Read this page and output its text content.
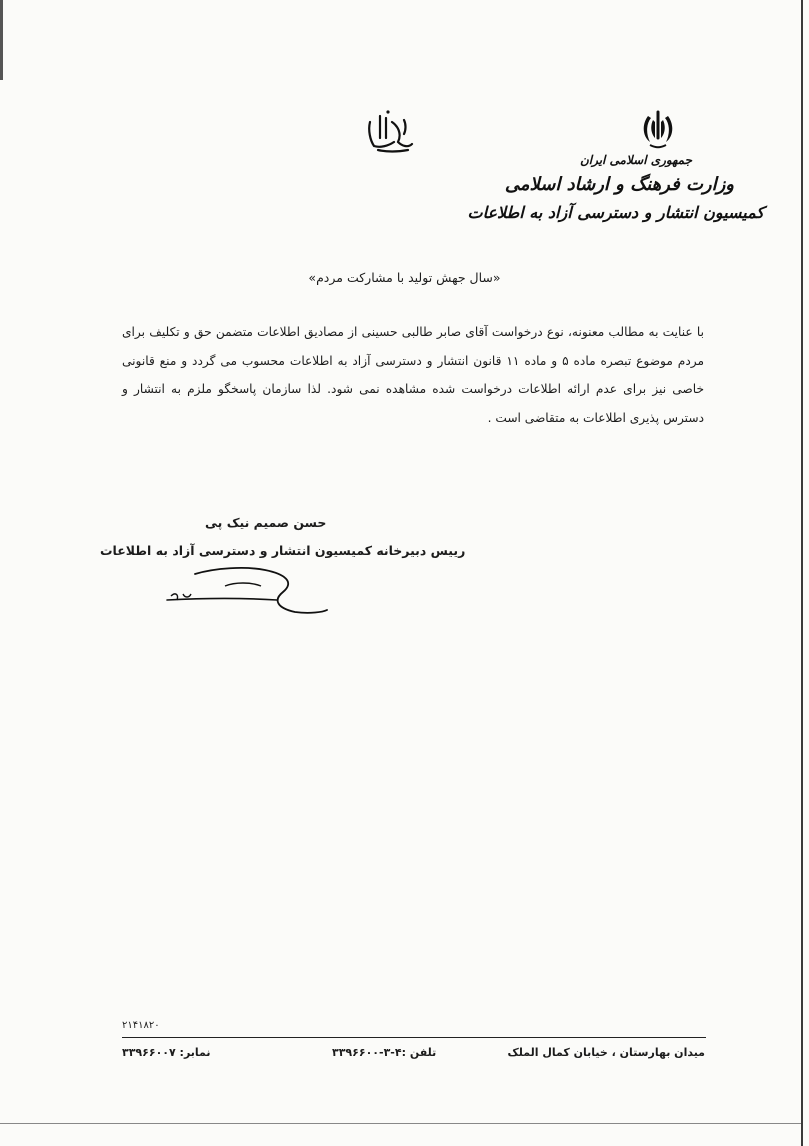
جمهوری اسلامی ایران
وزارت فرهنگ و ارشاد اسلامی
کمیسیون انتشار و دسترسی آزاد به اطلاعات
«سال جهش تولید با مشارکت مردم»
با عنایت به مطالب معنونه، نوع درخواست آقای صابر طالبی حسینی از مصادیق اطلاعات متضمن حق و تکلیف برای مردم موضوع تبصره ماده ۵ و ماده ۱۱ قانون انتشار و دسترسی آزاد به اطلاعات محسوب می گردد و منع قانونی خاصی نیز برای عدم ارائه اطلاعات درخواست شده مشاهده نمی شود. لذا سازمان پاسخگو ملزم به انتشار و دسترس پذیری اطلاعات به متقاضی است .
حسن صمیم نیک پی
رییس دبیرخانه کمیسیون انتشار و دسترسی آزاد به اطلاعات
۲۱۴۱۸۲۰
میدان بهارستان ، خیابان کمال الملک
تلفن :۴-۳-۳۳۹۶۶۰۰
نمابر: ۳۳۹۶۶۰۰۷
